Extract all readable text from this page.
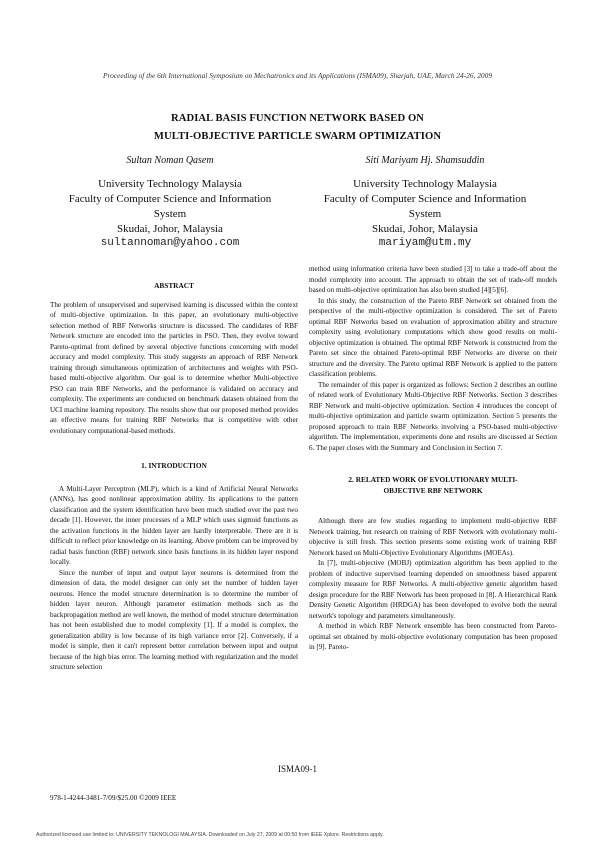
Proceeding of the 6th International Symposium on Mechatronics and its Applications (ISMA09), Sharjah, UAE, March 24-26, 2009
RADIAL BASIS FUNCTION NETWORK BASED ON
MULTI-OBJECTIVE PARTICLE SWARM OPTIMIZATION
Sultan Noman Qasem
University Technology Malaysia
Faculty of Computer Science and Information
System
Skudai, Johor, Malaysia
sultannoman@yahoo.com
Siti Mariyam Hj. Shamsuddin
University Technology Malaysia
Faculty of Computer Science and Information
System
Skudai, Johor, Malaysia
mariyam@utm.my

ABSTRACT

The problem of unsupervised and supervised learning is discussed within the context of multi-objective optimization. In this paper, an evolutionary multi-objective selection method of RBF Networks structure is discussed. The candidates of RBF Network structure are encoded into the particles in PSO. Then, they evolve toward Pareto-optimal front defined by several objective functions concerning with model accuracy and model complexity. This study suggests an approach of RBF Network training through simultaneous optimization of architectures and weights with PSO-based multi-objective algorithm. Our goal is to determine whether Multi-objective PSO can train RBF Networks, and the performance is validated on accuracy and complexity. The experiments are conducted on benchmark datasets obtained from the UCI machine learning repository. The results show that our proposed method provides an effective means for training RBF Networks that is competitive with other evolutionary computational-based methods.

1. INTRODUCTION

A Multi-Layer Perceptron (MLP), which is a kind of Artificial Neural Networks (ANNs), has good nonlinear approximation ability. Its applications to the pattern classification and the system identification have been much studied over the past two decade [1]. However, the inner processes of a MLP which uses sigmoid functions as the activation functions in the hidden layer are hardly interpretable. There are it is difficult to reflect prior knowledge on its learning. Above problem can be improved by radial basis function (RBF) network since basis functions in its hidden layer respond locally.

Since the number of input and output layer neurons is determined from the dimension of data, the model designer can only set the number of hidden layer neurons. Hence the model structure determination is to determine the number of hidden layer neuron. Although parameter estimation methods such as the backpropagation method are well known, the method of model structure determination has not been established due to model complexity [1]. If a model is complex, the generalization ability is low because of its high variance error [2]. Conversely, if a model is simple, then it can't represent better correlation between input and output because of the high bias error. The learning method with regularization and the model structure selection

method using information criteria have been studied [3] to take a trade-off about the model complexity into account. The approach to obtain the set of trade-off models based on multi-objective optimization has also been studied [4][5][6].

In this study, the construction of the Pareto RBF Network set obtained from the perspective of the multi-objective optimization is considered. The set of Pareto optimal RBF Networks based on evaluation of approximation ability and structure complexity using evolutionary computations which show good results on multi-objective optimization is obtained. The optimal RBF Network is constructed from the Pareto set since the obtained Pareto-optimal RBF Networks are diverse on their structure and the diversity. The Pareto optimal RBF Network is applied to the pattern classification problems.

The remainder of this paper is organized as follows: Section 2 describes an outline of related work of Evolutionary Multi-Objective RBF Networks. Section 3 describes RBF Network and multi-objective optimization. Section 4 introduces the concept of multi-objective optimization and particle swarm optimization. Section 5 presents the proposed approach to train RBF Networks involving a PSO-based multi-objective algorithm. The implementation, experiments done and results are discussed at Section 6. The paper closes with the Summary and Conclusion in Section 7.

2. RELATED WORK OF EVOLUTIONARY MULTI-
OBJECTIVE RBF NETWORK

Although there are few studies regarding to implement multi-objective RBF Network training, but research on training of RBF Network with evolutionary multi-objective is still fresh. This section presents some existing work of training RBF Network based on Multi-Objective Evolutionary Algorithms (MOEAs).

In [7], multi-objective (MOBJ) optimization algorithm has been applied to the problem of inductive supervised learning depended on smoothness based apparent complexity measure for RBF Networks. A multi-objective genetic algorithm based design procedure for the RBF Network has been proposed in [8]. A Hierarchical Rank Density Genetic Algorithm (HRDGA) has been developed to evolve both the neural network's topology and parameters simultaneously.

A method in which RBF Network ensemble has been constructed from Pareto-optimal set obtained by multi-objective evolutionary computation has been proposed in [9]. Pareto-

ISMA09-1
978-1-4244-3481-7/09/$25.00 ©2009 IEEE
Authorized licensed use limited to: UNIVERSITY TEKNOLOGI MALAYSIA. Downloaded on July 27, 2009 at 00:50 from IEEE Xplore. Restrictions apply.
